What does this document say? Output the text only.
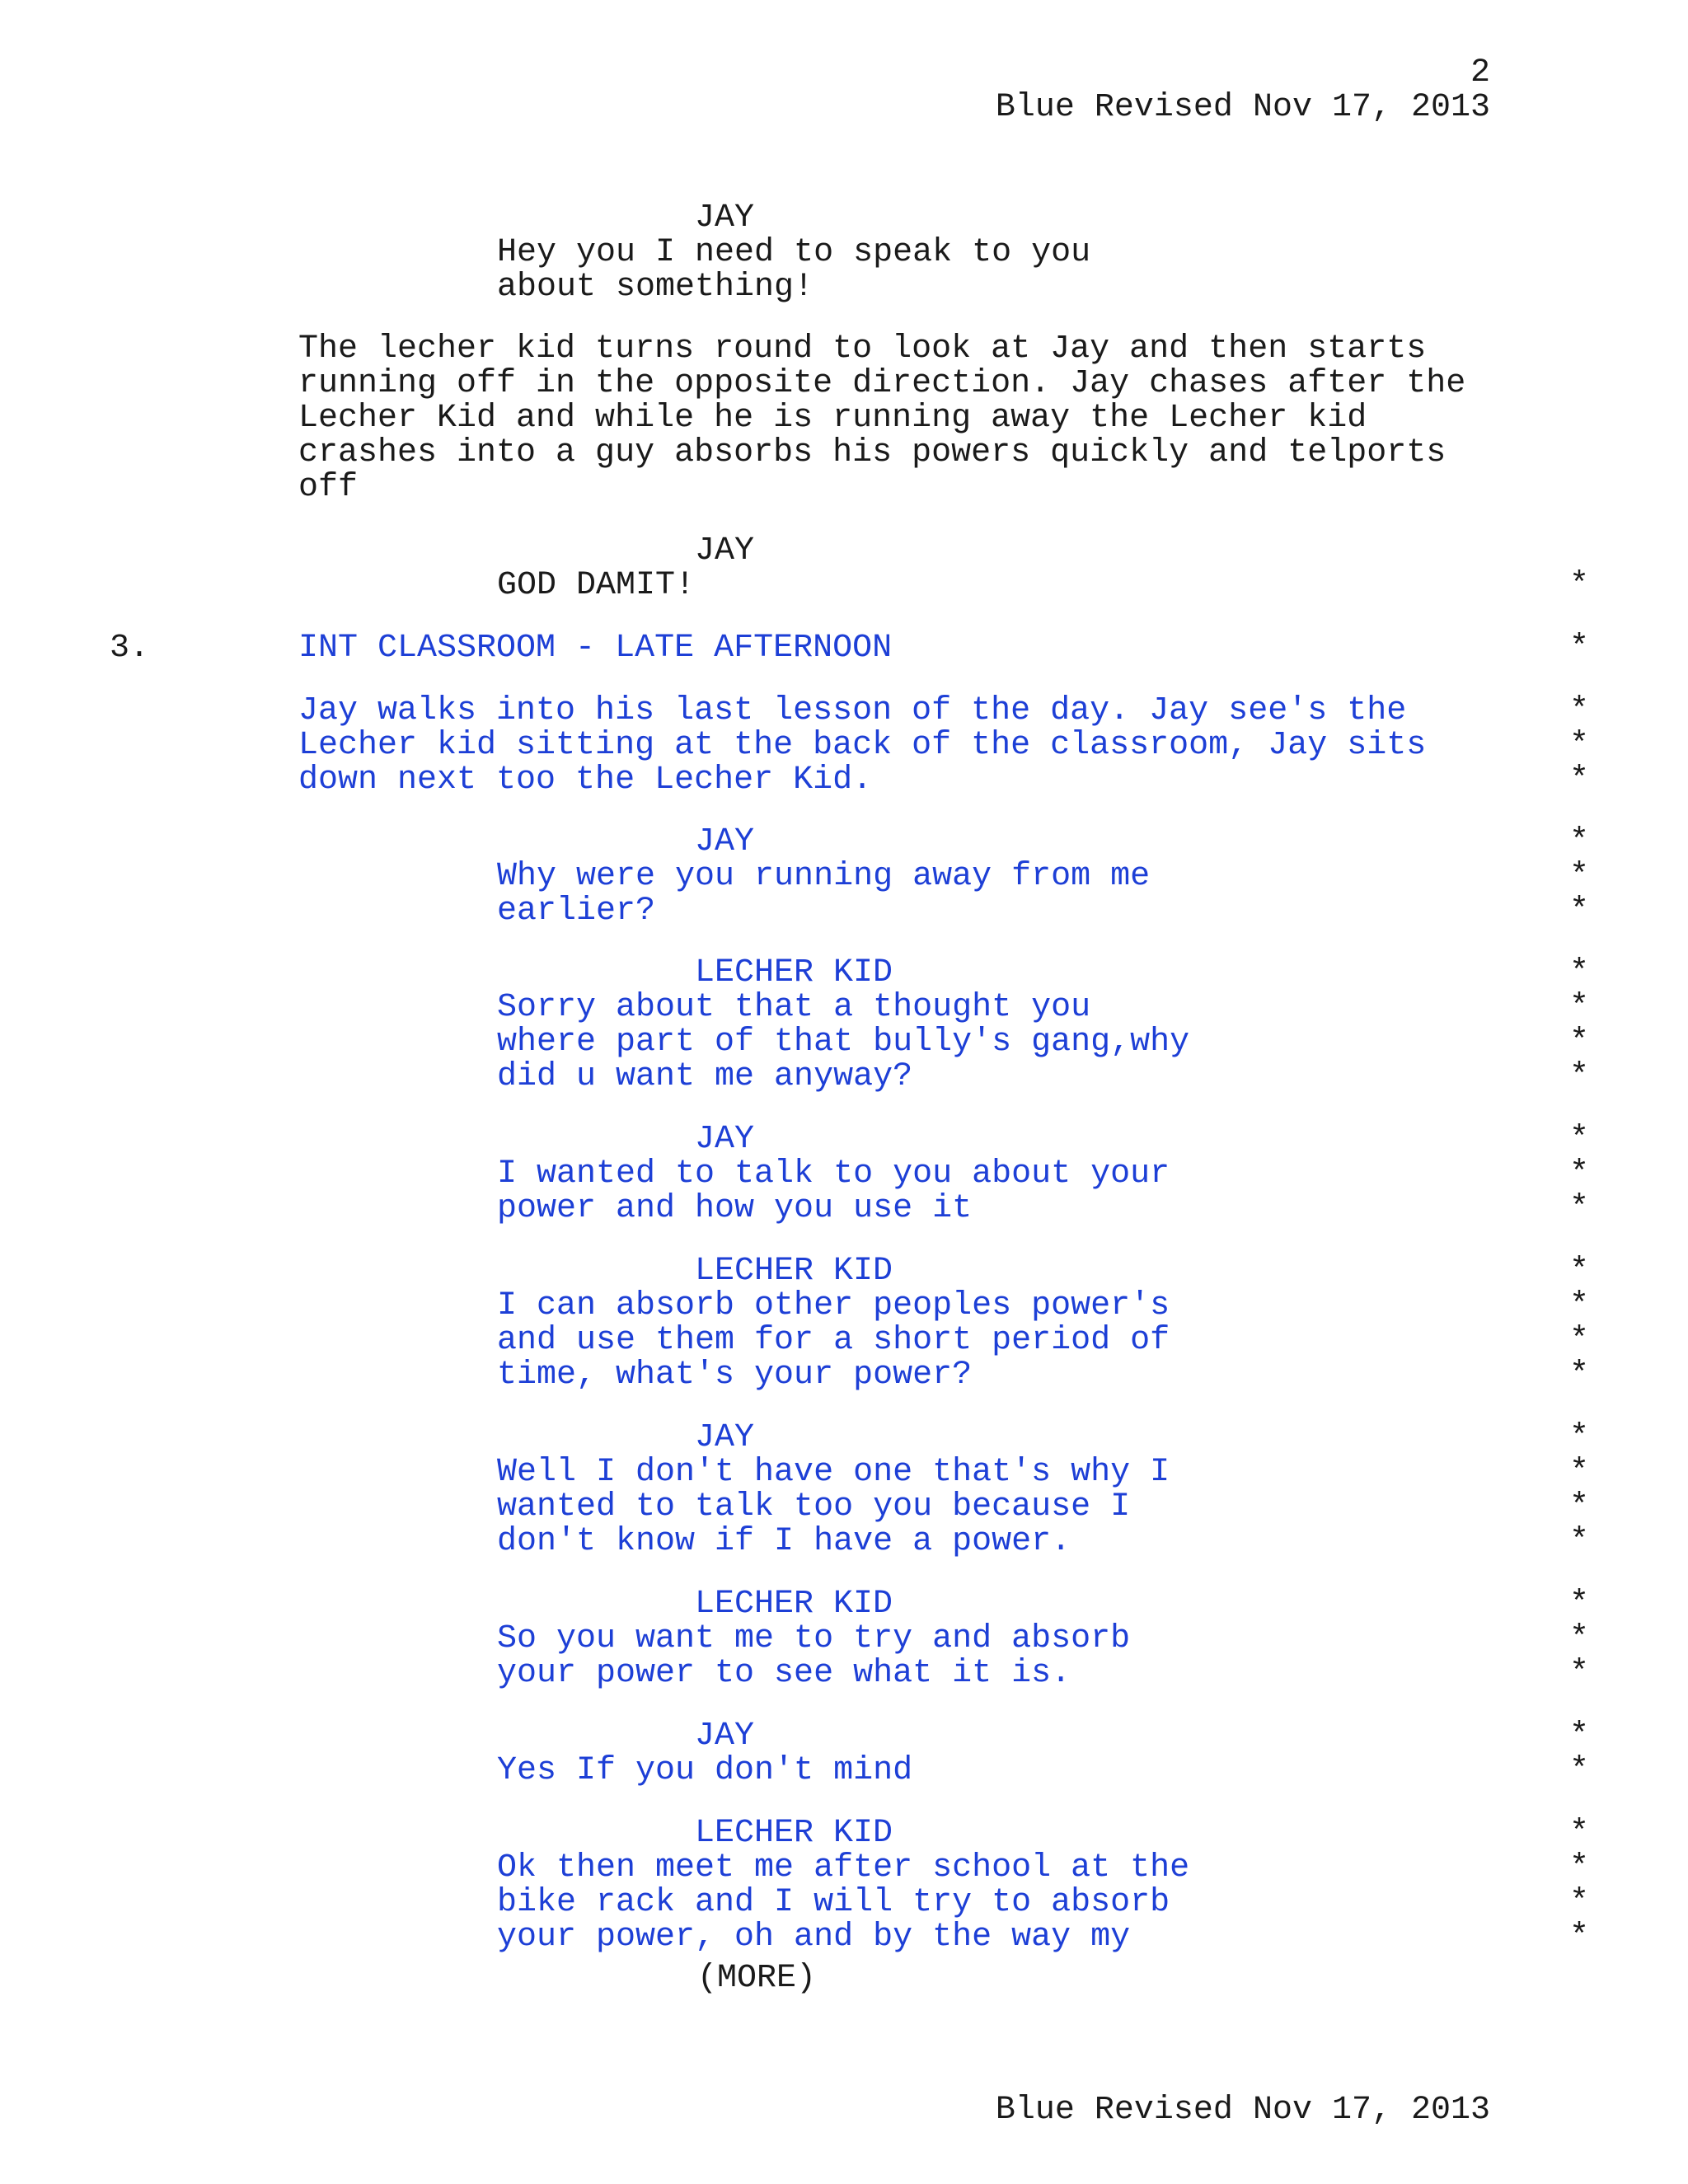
2
Blue Revised Nov 17, 2013
JAY
Hey you I need to speak to you
about something!
The lecher kid turns round to look at Jay and then starts
running off in the opposite direction. Jay chases after the
Lecher Kid and while he is running away the Lecher kid
crashes into a guy absorbs his powers quickly and telports
off
JAY
GOD DAMIT!	*
3.	INT CLASSROOM - LATE AFTERNOON	*
Jay walks into his last lesson of the day. Jay see's the	*
Lecher kid sitting at the back of the classroom, Jay sits	*
down next too the Lecher Kid.	*
JAY	*
Why were you running away from me	*
earlier?	*
LECHER KID	*
Sorry about that a thought you	*
where part of that bully's gang,why	*
did u want me anyway?	*
JAY	*
I wanted to talk to you about your	*
power and how you use it	*
LECHER KID	*
I can absorb other peoples power's	*
and use them for a short period of	*
time, what's your power?	*
JAY	*
Well I don't have one that's why I	*
wanted to talk too you because I	*
don't know if I have a power.	*
LECHER KID	*
So you want me to try and absorb	*
your power to see what it is.	*
JAY	*
Yes If you don't mind	*
LECHER KID	*
Ok then meet me after school at the	*
bike rack and I will try to absorb	*
your power, oh and by the way my	*
(MORE)
Blue Revised Nov 17, 2013
